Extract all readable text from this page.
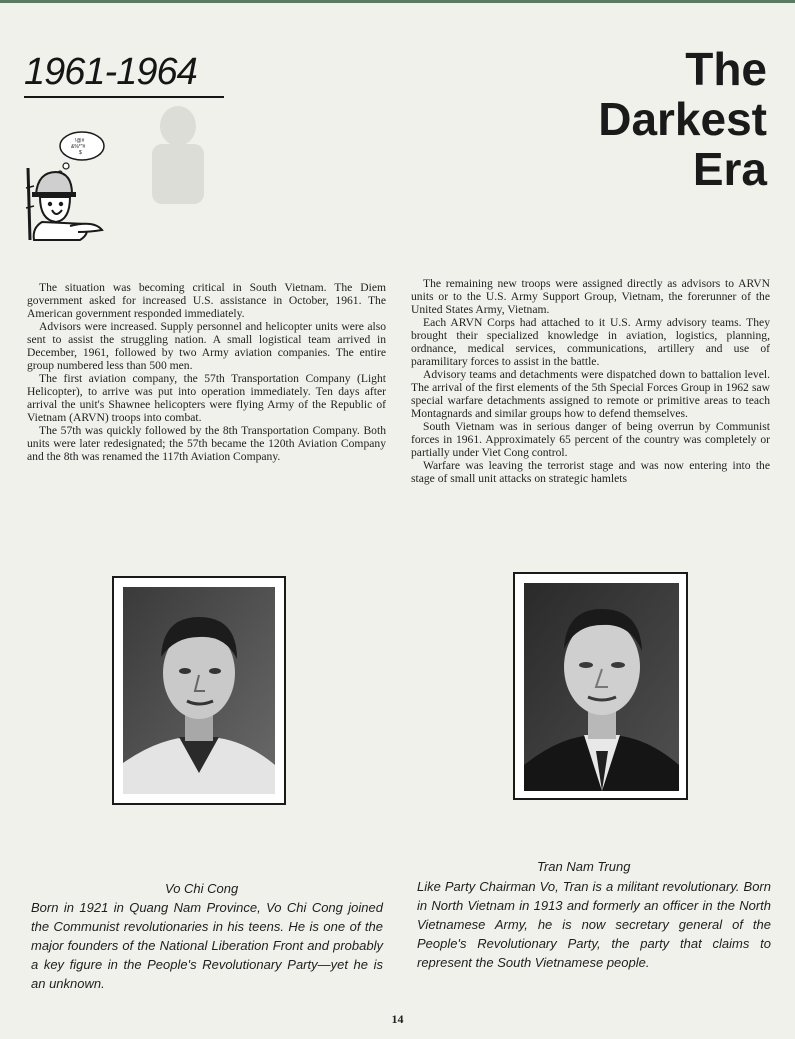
1961-1964	The
Darkest
Era
!@#
&%*"#
$

The situation was becoming critical in South Vietnam. The Diem government asked for increased U.S. assistance in October, 1961. The American government responded immediately.

Advisors were increased. Supply personnel and helicopter units were also sent to assist the struggling nation. A small logistical team arrived in December, 1961, followed by two Army aviation companies. The entire group numbered less than 500 men.

The first aviation company, the 57th Transportation Company (Light Helicopter), to arrive was put into operation immediately. Ten days after arrival the unit's Shawnee helicopters were flying Army of the Republic of Vietnam (ARVN) troops into combat.

The 57th was quickly followed by the 8th Transportation Company. Both units were later redesignated; the 57th became the 120th Aviation Company and the 8th was renamed the 117th Aviation Company.

The remaining new troops were assigned directly as advisors to ARVN units or to the U.S. Army Support Group, Vietnam, the forerunner of the United States Army, Vietnam.

Each ARVN Corps had attached to it U.S. Army advisory teams. They brought their specialized knowledge in aviation, logistics, planning, ordnance, medical services, communications, artillery and use of paramilitary forces to assist in the battle.

Advisory teams and detachments were dispatched down to battalion level. The arrival of the first elements of the 5th Special Forces Group in 1962 saw special warfare detachments assigned to remote or primitive areas to teach Montagnards and similar groups how to defend themselves.

South Vietnam was in serious danger of being overrun by Communist forces in 1961. Approximately 65 percent of the country was completely or partially under Viet Cong control.

Warfare was leaving the terrorist stage and was now entering into the stage of small unit attacks on strategic hamlets

Vo Chi Cong
Born in 1921 in Quang Nam Province, Vo Chi Cong joined the Communist revolutionaries in his teens. He is one of the major founders of the National Liberation Front and probably a key figure in the People's Revolutionary Party—yet he is an unknown.
Tran Nam Trung
Like Party Chairman Vo, Tran is a militant revolutionary. Born in North Vietnam in 1913 and formerly an officer in the North Vietnamese Army, he is now secretary general of the People's Revolutionary Party, the party that claims to represent the South Vietnamese people.
14
